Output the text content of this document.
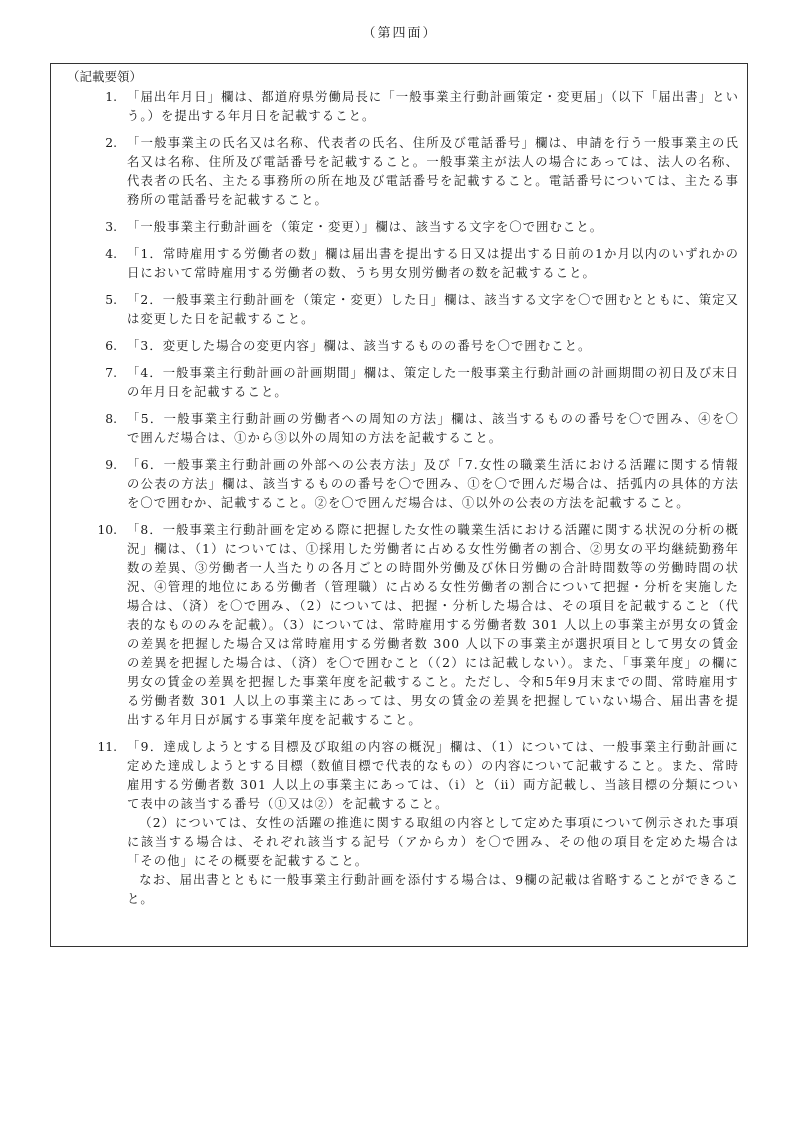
（第四面）
（記載要領）
1. 「届出年月日」欄は、都道府県労働局長に「一般事業主行動計画策定・変更届」（以下「届出書」という。）を提出する年月日を記載すること。
2. 「一般事業主の氏名又は名称、代表者の氏名、住所及び電話番号」欄は、申請を行う一般事業主の氏名又は名称、住所及び電話番号を記載すること。一般事業主が法人の場合にあっては、法人の名称、代表者の氏名、主たる事務所の所在地及び電話番号を記載すること。電話番号については、主たる事務所の電話番号を記載すること。
3. 「一般事業主行動計画を（策定・変更）」欄は、該当する文字を〇で囲むこと。
4. 「1．常時雇用する労働者の数」欄は届出書を提出する日又は提出する日前の1か月以内のいずれかの日において常時雇用する労働者の数、うち男女別労働者の数を記載すること。
5. 「2．一般事業主行動計画を（策定・変更）した日」欄は、該当する文字を〇で囲むとともに、策定又は変更した日を記載すること。
6. 「3．変更した場合の変更内容」欄は、該当するものの番号を〇で囲むこと。
7. 「4．一般事業主行動計画の計画期間」欄は、策定した一般事業主行動計画の計画期間の初日及び末日の年月日を記載すること。
8. 「5．一般事業主行動計画の労働者への周知の方法」欄は、該当するものの番号を〇で囲み、④を〇で囲んだ場合は、①から③以外の周知の方法を記載すること。
9. 「6．一般事業主行動計画の外部への公表方法」及び「7.女性の職業生活における活躍に関する情報の公表の方法」欄は、該当するものの番号を〇で囲み、①を〇で囲んだ場合は、括弧内の具体的方法を〇で囲むか、記載すること。②を〇で囲んだ場合は、①以外の公表の方法を記載すること。
10. 「8．一般事業主行動計画を定める際に把握した女性の職業生活における活躍に関する状況の分析の概況」欄は、（1）については、①採用した労働者に占める女性労働者の割合、②男女の平均継続勤務年数の差異、③労働者一人当たりの各月ごとの時間外労働及び休日労働の合計時間数等の労働時間の状況、④管理的地位にある労働者（管理職）に占める女性労働者の割合について把握・分析を実施した場合は、（済）を〇で囲み、（2）については、把握・分析した場合は、その項目を記載すること（代表的なもののみを記載）。（3）については、常時雇用する労働者数 301 人以上の事業主が男女の賃金の差異を把握した場合又は常時雇用する労働者数 300 人以下の事業主が選択項目として男女の賃金の差異を把握した場合は、（済）を〇で囲むこと（（2）には記載しない）。また、「事業年度」の欄に男女の賃金の差異を把握した事業年度を記載すること。ただし、令和5年9月末までの間、常時雇用する労働者数 301 人以上の事業主にあっては、男女の賃金の差異を把握していない場合、届出書を提出する年月日が属する事業年度を記載すること。
11. 「9．達成しようとする目標及び取組の内容の概況」欄は、（1）については、一般事業主行動計画に定めた達成しようとする目標（数値目標で代表的なもの）の内容について記載すること。また、常時雇用する労働者数 301 人以上の事業主にあっては、（ⅰ）と（ⅱ）両方記載し、当該目標の分類について表中の該当する番号（①又は②）を記載すること。
（2）については、女性の活躍の推進に関する取組の内容として定めた事項について例示された事項に該当する場合は、それぞれ該当する記号（アからカ）を〇で囲み、その他の項目を定めた場合は「その他」にその概要を記載すること。
なお、届出書とともに一般事業主行動計画を添付する場合は、9欄の記載は省略することができること。
